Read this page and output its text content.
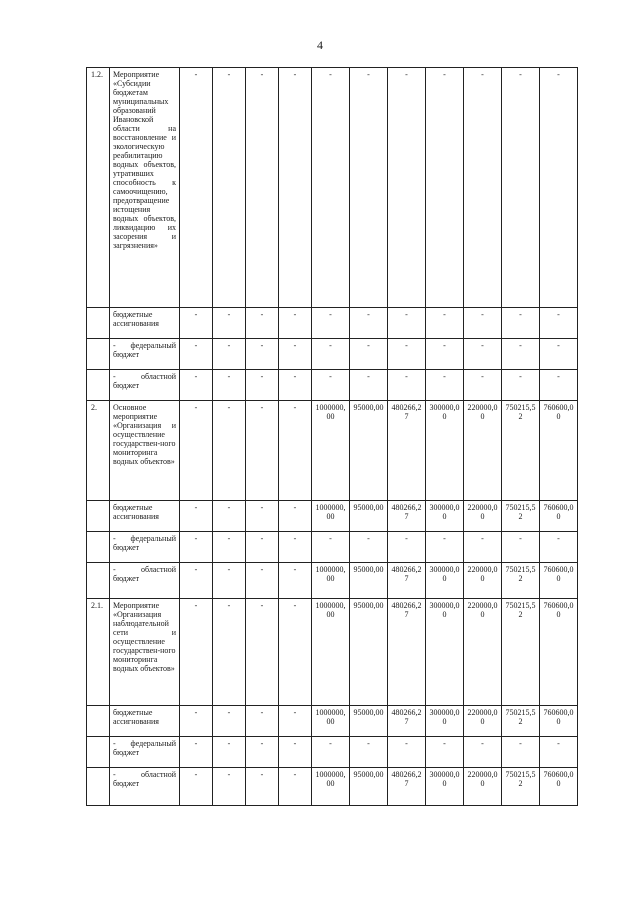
4
1.2.	Мероприятие «Субсидии бюджетам муниципальных образований Ивановской области на восстановление и экологическую реабилитацию водных объектов, утративших способность к самоочищению, предотвращение истощения водных объектов, ликвидацию их засорения и загрязнения»	-	-	-	-	-	-	-	-	-	-	-
	бюджетные ассигнования	-	-	-	-	-	-	-	-	-	-	-
	- федеральный бюджет	-	-	-	-	-	-	-	-	-	-	-
	- областной бюджет	-	-	-	-	-	-	-	-	-	-	-
2.	Основное мероприятие «Организация и осуществление государствен-ного мониторинга водных объектов»	-	-	-	-	1000000,00	95000,00	480266,27	300000,00	220000,00	750215,52	760600,00
	бюджетные ассигнования	-	-	-	-	1000000,00	95000,00	480266,27	300000,00	220000,00	750215,52	760600,00
	- федеральный бюджет	-	-	-	-	-	-	-	-	-	-	-
	- областной бюджет	-	-	-	-	1000000,00	95000,00	480266,27	300000,00	220000,00	750215,52	760600,00
2.1.	Мероприятие «Организация наблюдательной сети и осуществление государствен-ного мониторинга водных объектов»	-	-	-	-	1000000,00	95000,00	480266,27	300000,00	220000,00	750215,52	760600,00
	бюджетные ассигнования	-	-	-	-	1000000,00	95000,00	480266,27	300000,00	220000,00	750215,52	760600,00
	- федеральный бюджет	-	-	-	-	-	-	-	-	-	-	-
	- областной бюджет	-	-	-	-	1000000,00	95000,00	480266,27	300000,00	220000,00	750215,52	760600,00
